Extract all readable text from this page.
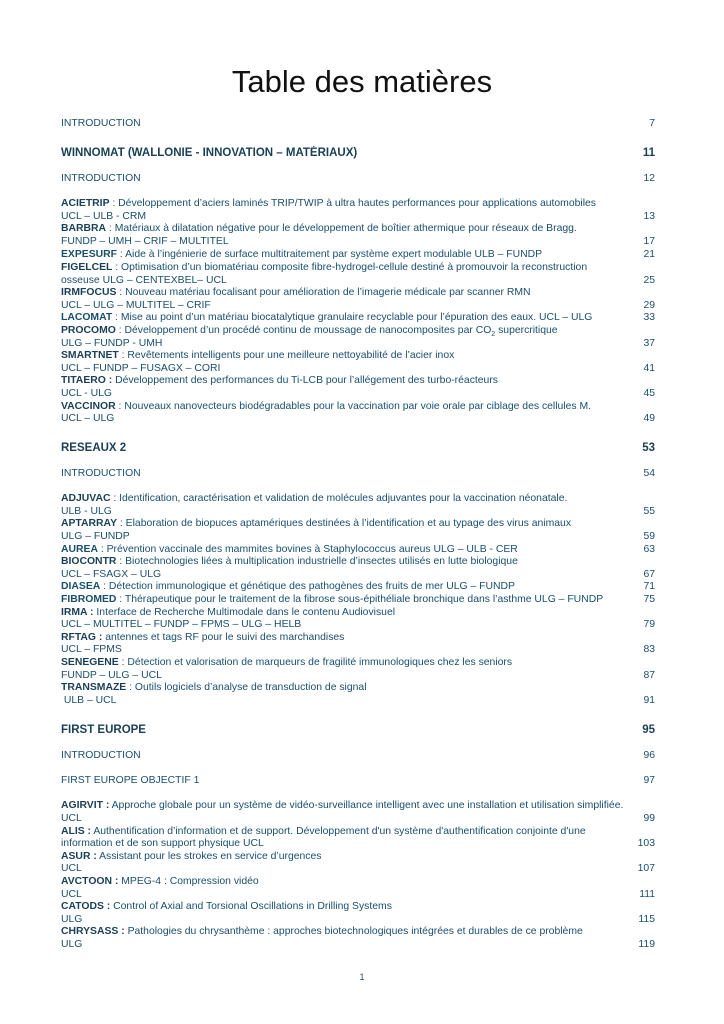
Table des matières
INTRODUCTION	7
WINNOMAT (WALLONIE - INNOVATION – MATÉRIAUX)	11
INTRODUCTION	12
ACIETRIP : Développement d’aciers laminés TRIP/TWIP à ultra hautes performances pour applications automobiles
UCL – ULB - CRM	13
BARBRA : Matériaux à dilatation négative pour le développement de boîtier athermique pour réseaux de Bragg.
FUNDP – UMH – CRIF – MULTITEL	17
EXPESURF : Aide à l’ingénierie de surface multitraitement par système expert modulable ULB – FUNDP	21
FIGELCEL : Optimisation d’un biomatériau composite fibre-hydrogel-cellule destiné à promouvoir la reconstruction
osseuse ULG – CENTEXBEL– UCL	25
IRMFOCUS : Nouveau matériau focalisant pour amélioration de l’imagerie médicale par scanner RMN
UCL – ULG – MULTITEL – CRIF	29
LACOMAT : Mise au point d’un matériau biocatalytique granulaire recyclable pour l’épuration des eaux. UCL – ULG	33
PROCOMO : Développement d’un procédé continu de moussage de nanocomposites par $CO_2$ supercritique
ULG – FUNDP - UMH	37
SMARTNET : Revêtements intelligents pour une meilleure nettoyabilité de l’acier inox
UCL – FUNDP – FUSAGX – CORI	41
TITAERO : Développement des performances du Ti-LCB pour l’allégement des turbo-réacteurs
UCL - ULG	45
VACCINOR : Nouveaux nanovecteurs biodégradables pour la vaccination par voie orale par ciblage des cellules M.
UCL – ULG	49
RESEAUX 2	53
INTRODUCTION	54
ADJUVAC : Identification, caractérisation et validation de molécules adjuvantes pour la vaccination néonatale.
ULB - ULG	55
APTARRAY : Elaboration de biopuces aptamériques destinées à l’identification et au typage des virus animaux
ULG – FUNDP	59
AUREA : Prévention vaccinale des mammites bovines à Staphylococcus aureus ULG – ULB - CER	63
BIOCONTR : Biotechnologies liées à multiplication industrielle d’insectes utilisés en lutte biologique
UCL – FSAGX – ULG	67
DIASEA : Détection immunologique et génétique des pathogènes des fruits de mer ULG – FUNDP	71
FIBROMED : Thérapeutique pour le traitement de la fibrose sous-épithéliale bronchique dans l’asthme ULG – FUNDP	75
IRMA : Interface de Recherche Multimodale dans le contenu Audiovisuel
UCL – MULTITEL – FUNDP – FPMS – ULG – HELB	79
RFTAG : antennes et tags RF pour le suivi des marchandises
UCL – FPMS	83
SENEGENE : Détection et valorisation de marqueurs de fragilité immunologiques chez les seniors
FUNDP – ULG – UCL	87
TRANSMAZE : Outils logiciels d’analyse de transduction de signal
ULB – UCL	91
FIRST EUROPE	95
INTRODUCTION	96
FIRST EUROPE OBJECTIF 1	97
AGIRVIT : Approche globale pour un système de vidéo-surveillance intelligent avec une installation et utilisation simplifiée.
UCL	99
ALIS : Authentification d’information et de support. Développement d'un système d'authentification conjointe d'une
information et de son support physique UCL	103
ASUR : Assistant pour les strokes en service d’urgences
UCL	107
AVCTOON : MPEG-4 : Compression vidéo
UCL	111
CATODS : Control of Axial and Torsional Oscillations in Drilling Systems
ULG	115
CHRYSASS : Pathologies du chrysanthème : approches biotechnologiques intégrées et durables de ce problème
ULG	119
1
